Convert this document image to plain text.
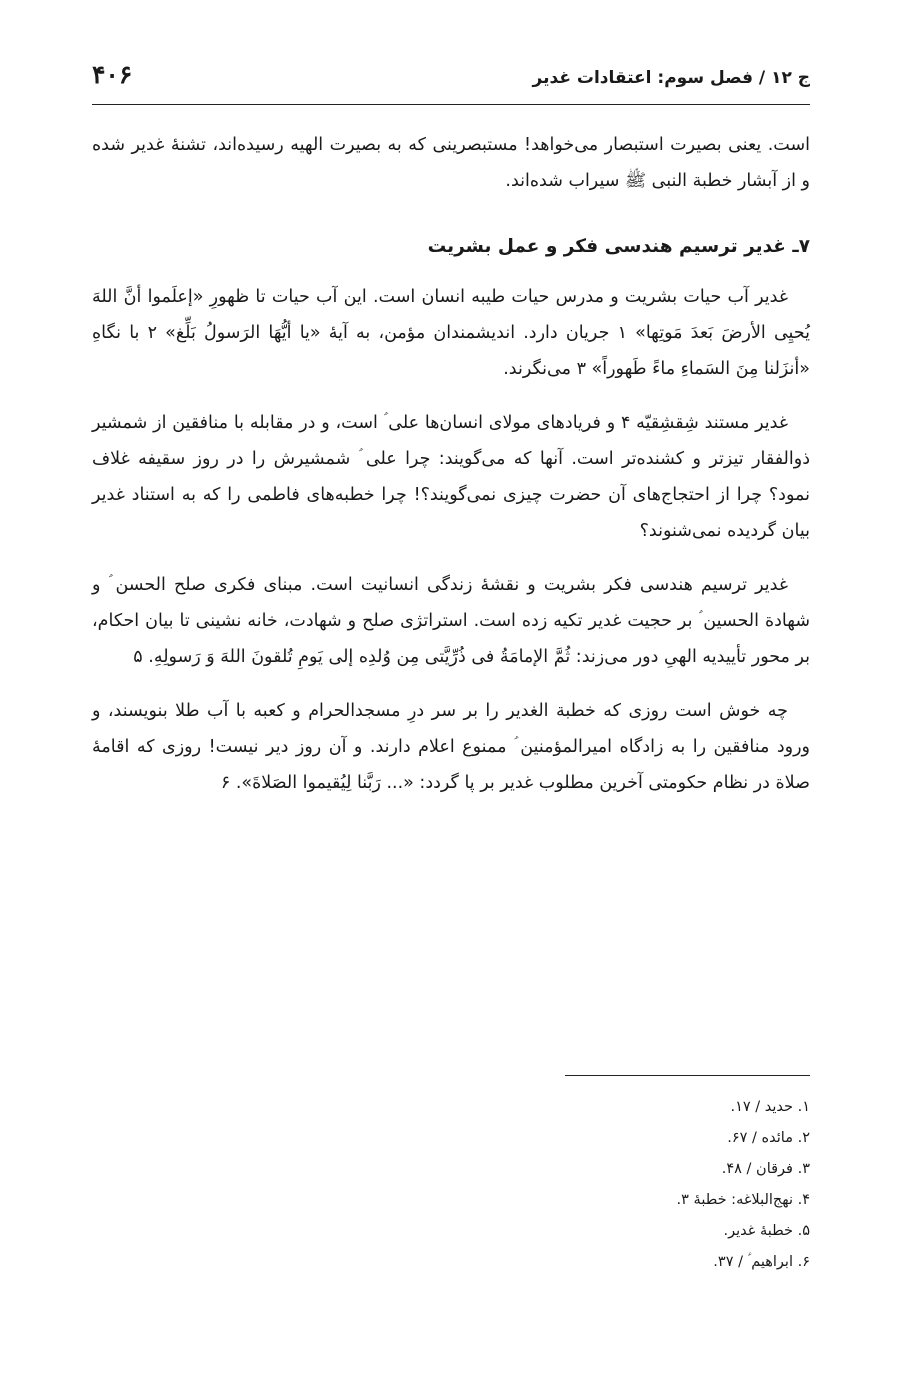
ج ۱۲ / فصل سوم: اعتقادات غدیر
۴۰۶

است. یعنی بصیرت استبصار می‌خواهد! مستبصرینی که به بصیرت الهیه رسیده‌اند، تشنهٔ غدیر شده و از آبشار خطبة النبی ﷺ سیراب شده‌اند.

۷ـ غدیر ترسیم هندسی فکر و عمل بشریت

غدیر آب حیات بشریت و مدرس حیات طیبه انسان است. این آب حیات تا ظهورِ «إعلَموا أنَّ اللهَ یُحیِی الأرضَ بَعدَ مَوتِها» ۱ جریان دارد. اندیشمندان مؤمن، به آیهٔ «یا أیُّهَا الرَسولُ بَلِّغ» ۲ با نگاهِ «أنزَلنا مِنَ السَماءِ ماءً طَهوراً» ۳ می‌نگرند.

غدیر مستند شِقشِقیّه ۴ و فریادهای مولای انسان‌ها علی ؑ است، و در مقابله با منافقین از شمشیر ذوالفقار تیزتر و کشنده‌تر است. آنها که می‌گویند: چرا علی ؑ شمشیرش را در روز سقیفه غلاف نمود؟ چرا از احتجاج‌های آن حضرت چیزی نمی‌گویند؟! چرا خطبه‌های فاطمی را که به استناد غدیر بیان گردیده نمی‌شنوند؟

غدیر ترسیم هندسی فکر بشریت و نقشهٔ زندگی انسانیت است. مبنای فکری صلح الحسن ؑ و شهادة الحسین ؑ بر حجیت غدیر تکیه زده است. استراتژی صلح و شهادت، خانه نشینی تا بیان احکام، بر محور تأییدیه الهیِ دور می‌زند: ثُمَّ الإمامَةُ فی ذُرِّیَّتی مِن وُلدِه إلی یَومِ تُلقونَ اللهَ وَ رَسولِهِ. ۵

چه خوش است روزی که خطبة الغدیر را بر سر درِ مسجدالحرام و کعبه با آب طلا بنویسند، و ورود منافقین را به زادگاه امیرالمؤمنین ؑ ممنوع اعلام دارند. و آن روز دیر نیست! روزی که اقامهٔ صلاة در نظام حکومتی آخرین مطلوب غدیر بر پا گردد: «... رَبَّنا لِیُقیموا الصَلاةَ». ۶

۱. حدید / ۱۷.
۲. مائده / ۶۷.
۳. فرقان / ۴۸.
۴. نهج‌البلاغه: خطبهٔ ۳.
۵. خطبهٔ غدیر.
۶. ابراهیم ؑ / ۳۷.
